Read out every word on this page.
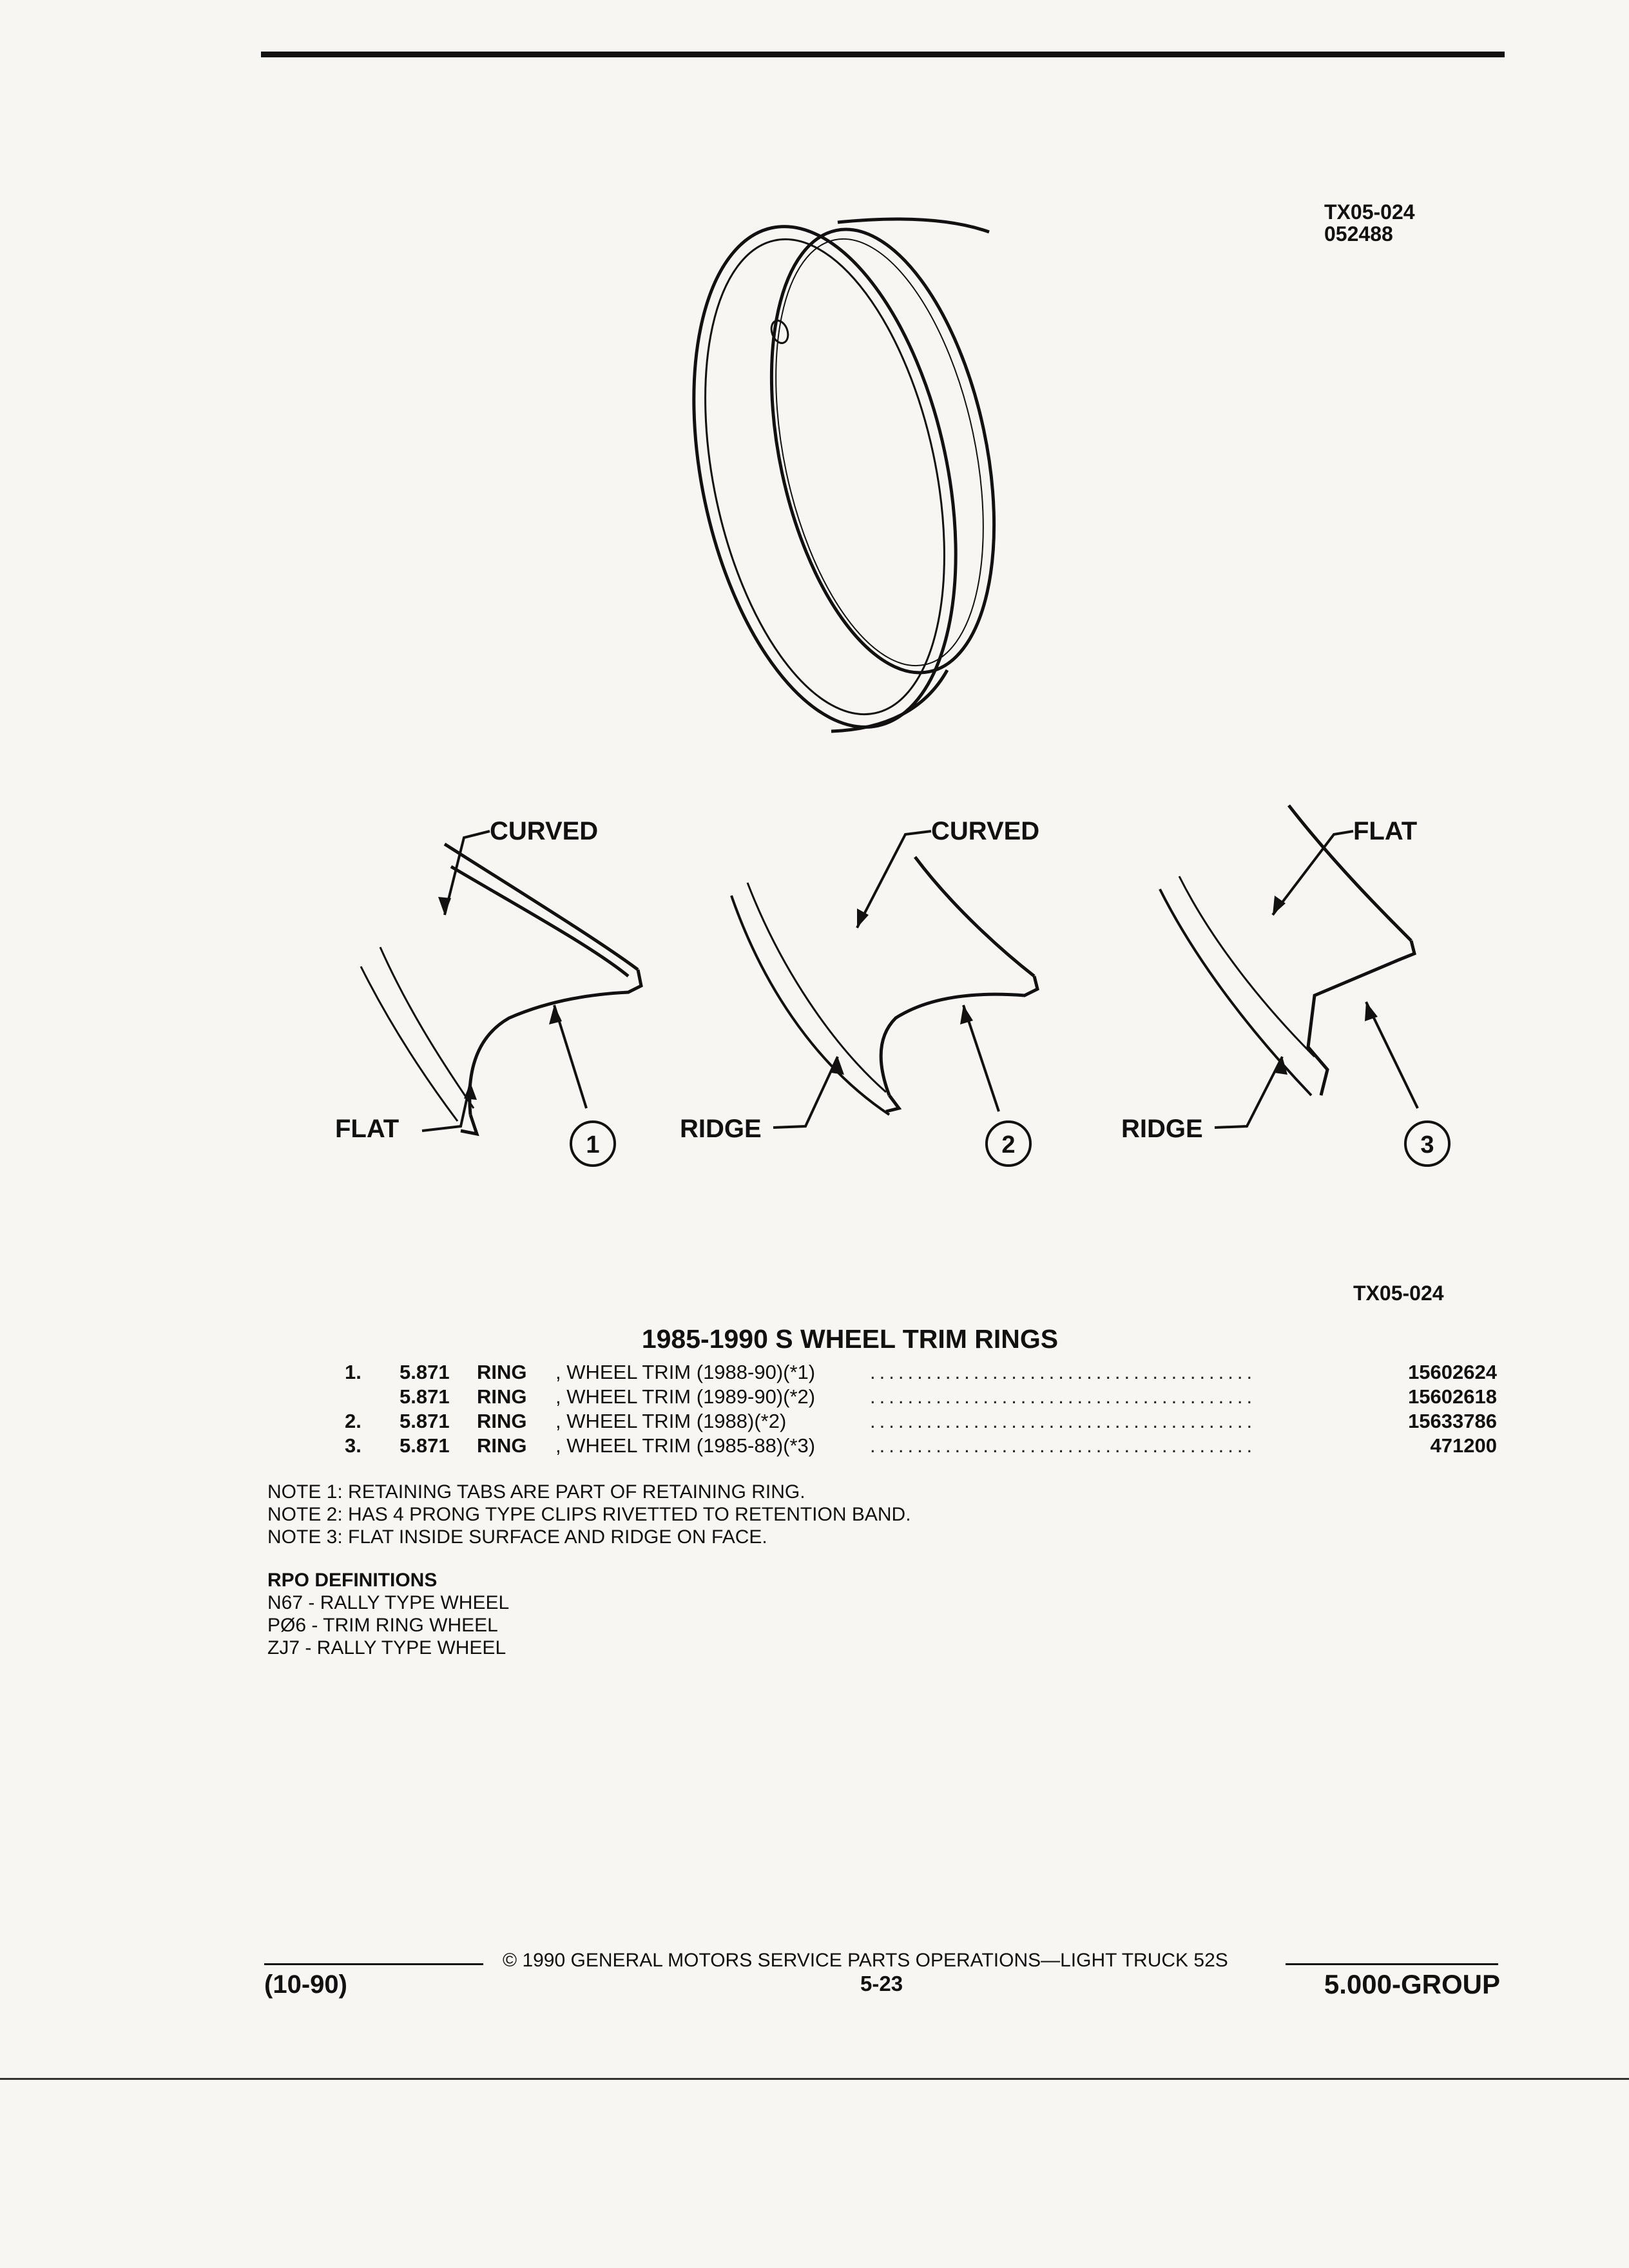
TX05-024
052488
CURVED
FLAT
CURVED
RIDGE
FLAT
RIDGE
1	2	3
TX05-024
1985-1990 S WHEEL TRIM RINGS
1. 5.871 RING , WHEEL TRIM (1988-90)(*1)	.........................................	15602624
5.871 RING , WHEEL TRIM (1989-90)(*2)	.........................................	15602618
2. 5.871 RING , WHEEL TRIM (1988)(*2)	.........................................	15633786
3. 5.871 RING , WHEEL TRIM (1985-88)(*3)	.........................................	471200
NOTE 1: RETAINING TABS ARE PART OF RETAINING RING.
NOTE 2: HAS 4 PRONG TYPE CLIPS RIVETTED TO RETENTION BAND.
NOTE 3: FLAT INSIDE SURFACE AND RIDGE ON FACE.
RPO DEFINITIONS
N67 - RALLY TYPE WHEEL
PØ6 - TRIM RING WHEEL
ZJ7 - RALLY TYPE WHEEL
© 1990 GENERAL MOTORS SERVICE PARTS OPERATIONS—LIGHT TRUCK 52S
(10-90)	5-23	5.000-GROUP
